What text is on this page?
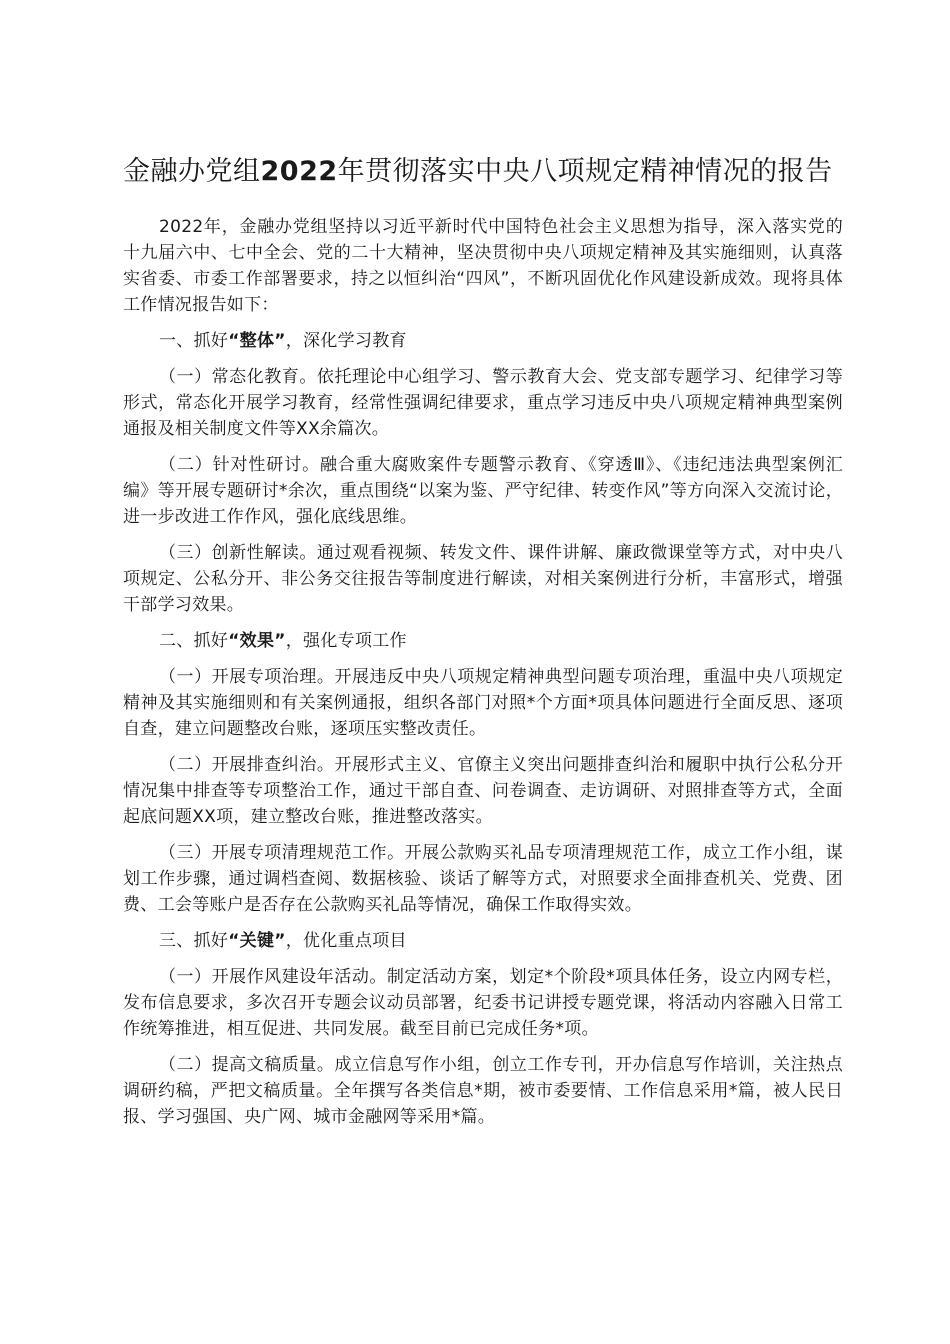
金融办党组2022年贯彻落实中央八项规定精神情况的报告

2022年，金融办党组坚持以习近平新时代中国特色社会主义思想为指导，深入落实党的十九届六中、七中全会、党的二十大精神，坚决贯彻中央八项规定精神及其实施细则，认真落实省委、市委工作部署要求，持之以恒纠治“四风”，不断巩固优化作风建设新成效。现将具体工作情况报告如下：

一、抓好“整体”，深化学习教育

（一）常态化教育。依托理论中心组学习、警示教育大会、党支部专题学习、纪律学习等形式，常态化开展学习教育，经常性强调纪律要求，重点学习违反中央八项规定精神典型案例通报及相关制度文件等XX余篇次。

（二）针对性研讨。融合重大腐败案件专题警示教育、《穿透Ⅲ》、《违纪违法典型案例汇编》等开展专题研讨*余次，重点围绕“以案为鉴、严守纪律、转变作风”等方向深入交流讨论，进一步改进工作作风，强化底线思维。

（三）创新性解读。通过观看视频、转发文件、课件讲解、廉政微课堂等方式，对中央八项规定、公私分开、非公务交往报告等制度进行解读，对相关案例进行分析，丰富形式，增强干部学习效果。

二、抓好“效果”，强化专项工作

（一）开展专项治理。开展违反中央八项规定精神典型问题专项治理，重温中央八项规定精神及其实施细则和有关案例通报，组织各部门对照*个方面*项具体问题进行全面反思、逐项自查，建立问题整改台账，逐项压实整改责任。

（二）开展排查纠治。开展形式主义、官僚主义突出问题排查纠治和履职中执行公私分开情况集中排查等专项整治工作，通过干部自查、问卷调查、走访调研、对照排查等方式，全面起底问题XX项，建立整改台账，推进整改落实。

（三）开展专项清理规范工作。开展公款购买礼品专项清理规范工作，成立工作小组，谋划工作步骤，通过调档查阅、数据核验、谈话了解等方式，对照要求全面排查机关、党费、团费、工会等账户是否存在公款购买礼品等情况，确保工作取得实效。

三、抓好“关键”，优化重点项目

（一）开展作风建设年活动。制定活动方案，划定*个阶段*项具体任务，设立内网专栏，发布信息要求，多次召开专题会议动员部署，纪委书记讲授专题党课，将活动内容融入日常工作统筹推进，相互促进、共同发展。截至目前已完成任务*项。

（二）提高文稿质量。成立信息写作小组，创立工作专刊，开办信息写作培训，关注热点调研约稿，严把文稿质量。全年撰写各类信息*期，被市委要情、工作信息采用*篇，被人民日报、学习强国、央广网、城市金融网等采用*篇。
